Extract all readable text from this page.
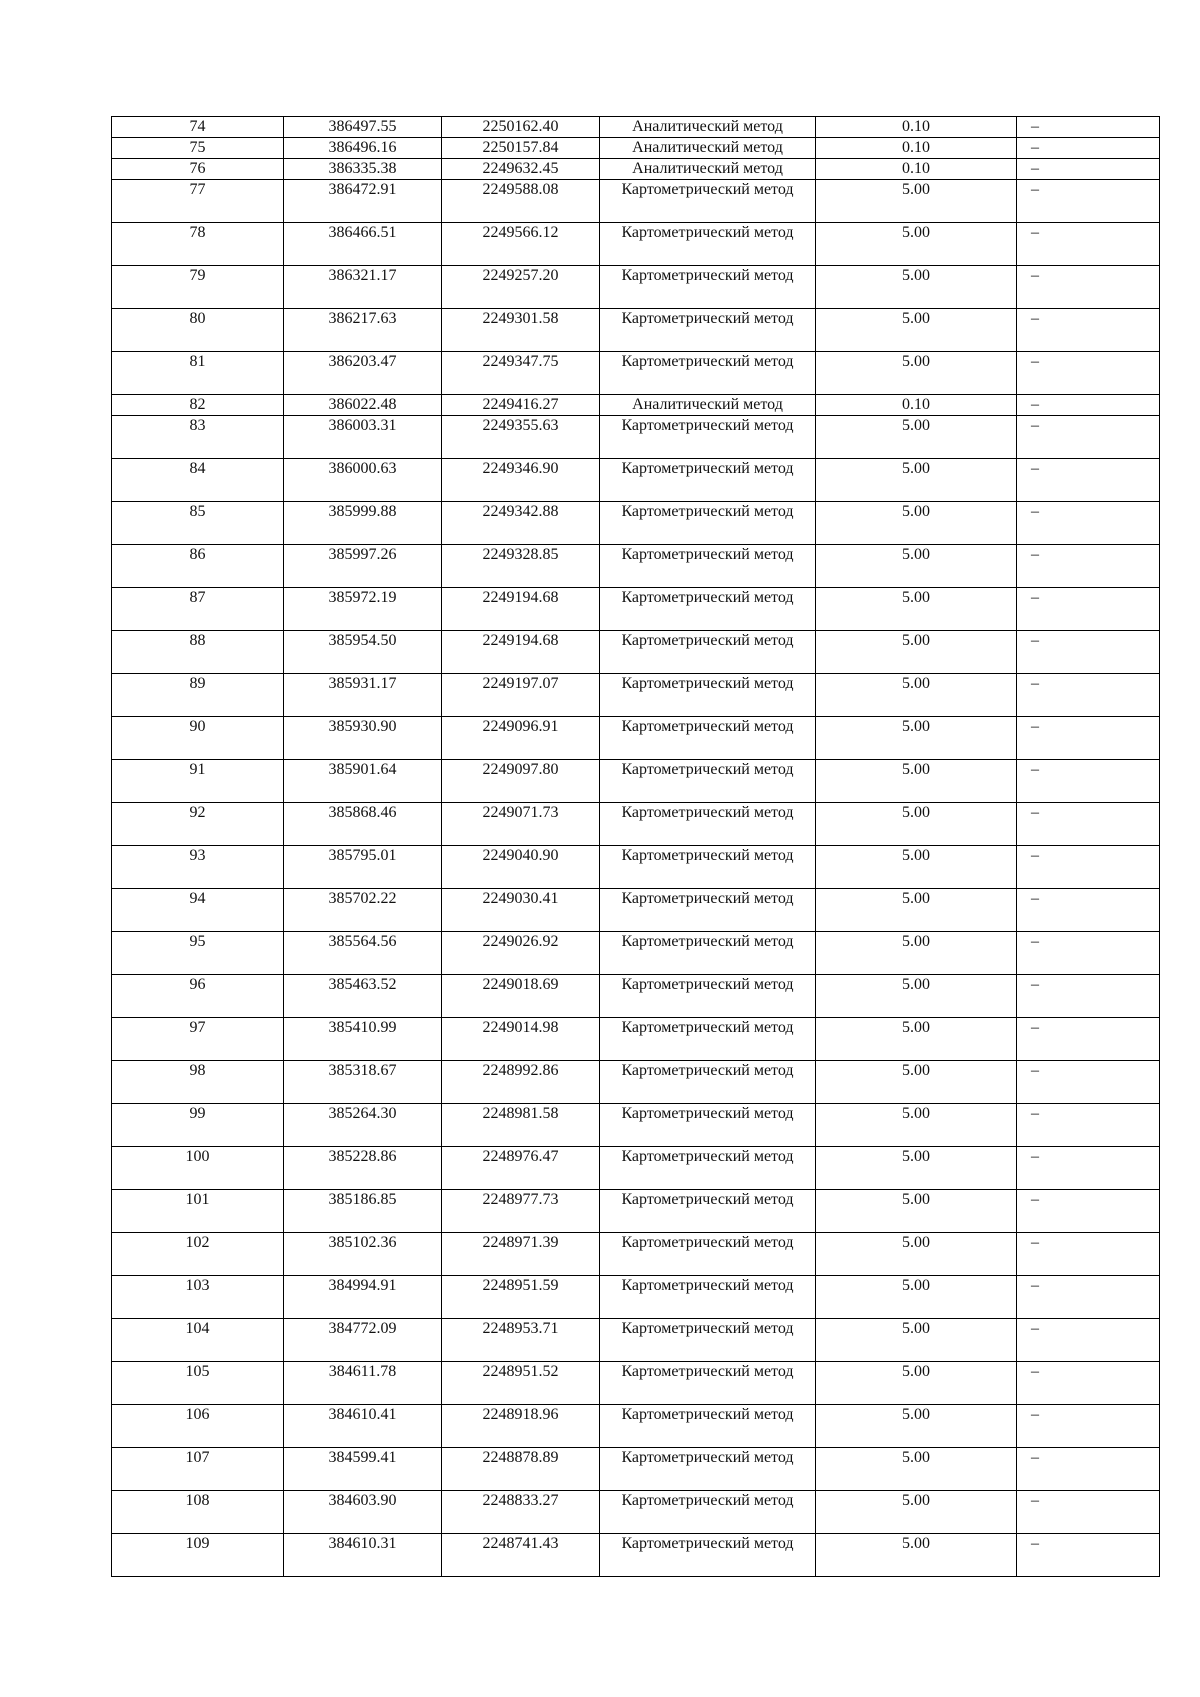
74	386497.55	2250162.40	Аналитический метод	0.10	–
75	386496.16	2250157.84	Аналитический метод	0.10	–
76	386335.38	2249632.45	Аналитический метод	0.10	–
77	386472.91	2249588.08	Картометрический метод	5.00	–
78	386466.51	2249566.12	Картометрический метод	5.00	–
79	386321.17	2249257.20	Картометрический метод	5.00	–
80	386217.63	2249301.58	Картометрический метод	5.00	–
81	386203.47	2249347.75	Картометрический метод	5.00	–
82	386022.48	2249416.27	Аналитический метод	0.10	–
83	386003.31	2249355.63	Картометрический метод	5.00	–
84	386000.63	2249346.90	Картометрический метод	5.00	–
85	385999.88	2249342.88	Картометрический метод	5.00	–
86	385997.26	2249328.85	Картометрический метод	5.00	–
87	385972.19	2249194.68	Картометрический метод	5.00	–
88	385954.50	2249194.68	Картометрический метод	5.00	–
89	385931.17	2249197.07	Картометрический метод	5.00	–
90	385930.90	2249096.91	Картометрический метод	5.00	–
91	385901.64	2249097.80	Картометрический метод	5.00	–
92	385868.46	2249071.73	Картометрический метод	5.00	–
93	385795.01	2249040.90	Картометрический метод	5.00	–
94	385702.22	2249030.41	Картометрический метод	5.00	–
95	385564.56	2249026.92	Картометрический метод	5.00	–
96	385463.52	2249018.69	Картометрический метод	5.00	–
97	385410.99	2249014.98	Картометрический метод	5.00	–
98	385318.67	2248992.86	Картометрический метод	5.00	–
99	385264.30	2248981.58	Картометрический метод	5.00	–
100	385228.86	2248976.47	Картометрический метод	5.00	–
101	385186.85	2248977.73	Картометрический метод	5.00	–
102	385102.36	2248971.39	Картометрический метод	5.00	–
103	384994.91	2248951.59	Картометрический метод	5.00	–
104	384772.09	2248953.71	Картометрический метод	5.00	–
105	384611.78	2248951.52	Картометрический метод	5.00	–
106	384610.41	2248918.96	Картометрический метод	5.00	–
107	384599.41	2248878.89	Картометрический метод	5.00	–
108	384603.90	2248833.27	Картометрический метод	5.00	–
109	384610.31	2248741.43	Картометрический метод	5.00	–
